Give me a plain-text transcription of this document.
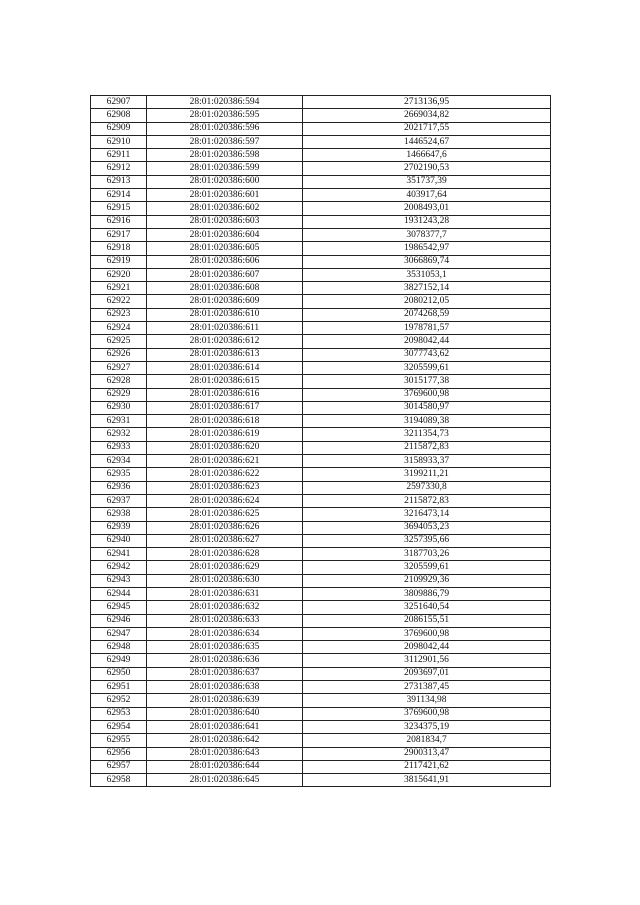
62907	28:01:020386:594	2713136,95
62908	28:01:020386:595	2669034,82
62909	28:01:020386:596	2021717,55
62910	28:01:020386:597	1446524,67
62911	28:01:020386:598	1466647,6
62912	28:01:020386:599	2702190,53
62913	28:01:020386:600	351737,39
62914	28:01:020386:601	403917,64
62915	28:01:020386:602	2008493,01
62916	28:01:020386:603	1931243,28
62917	28:01:020386:604	3078377,7
62918	28:01:020386:605	1986542,97
62919	28:01:020386:606	3066869,74
62920	28:01:020386:607	3531053,1
62921	28:01:020386:608	3827152,14
62922	28:01:020386:609	2080212,05
62923	28:01:020386:610	2074268,59
62924	28:01:020386:611	1978781,57
62925	28:01:020386:612	2098042,44
62926	28:01:020386:613	3077743,62
62927	28:01:020386:614	3205599,61
62928	28:01:020386:615	3015177,38
62929	28:01:020386:616	3769600,98
62930	28:01:020386:617	3014580,97
62931	28:01:020386:618	3194089,38
62932	28:01:020386:619	3211354,73
62933	28:01:020386:620	2115872,83
62934	28:01:020386:621	3158933,37
62935	28:01:020386:622	3199211,21
62936	28:01:020386:623	2597330,8
62937	28:01:020386:624	2115872,83
62938	28:01:020386:625	3216473,14
62939	28:01:020386:626	3694053,23
62940	28:01:020386:627	3257395,66
62941	28:01:020386:628	3187703,26
62942	28:01:020386:629	3205599,61
62943	28:01:020386:630	2109929,36
62944	28:01:020386:631	3809886,79
62945	28:01:020386:632	3251640,54
62946	28:01:020386:633	2086155,51
62947	28:01:020386:634	3769600,98
62948	28:01:020386:635	2098042,44
62949	28:01:020386:636	3112901,56
62950	28:01:020386:637	2093697,01
62951	28:01:020386:638	2731387,45
62952	28:01:020386:639	391134,98
62953	28:01:020386:640	3769600,98
62954	28:01:020386:641	3234375,19
62955	28:01:020386:642	2081834,7
62956	28:01:020386:643	2900313,47
62957	28:01:020386:644	2117421,62
62958	28:01:020386:645	3815641,91
